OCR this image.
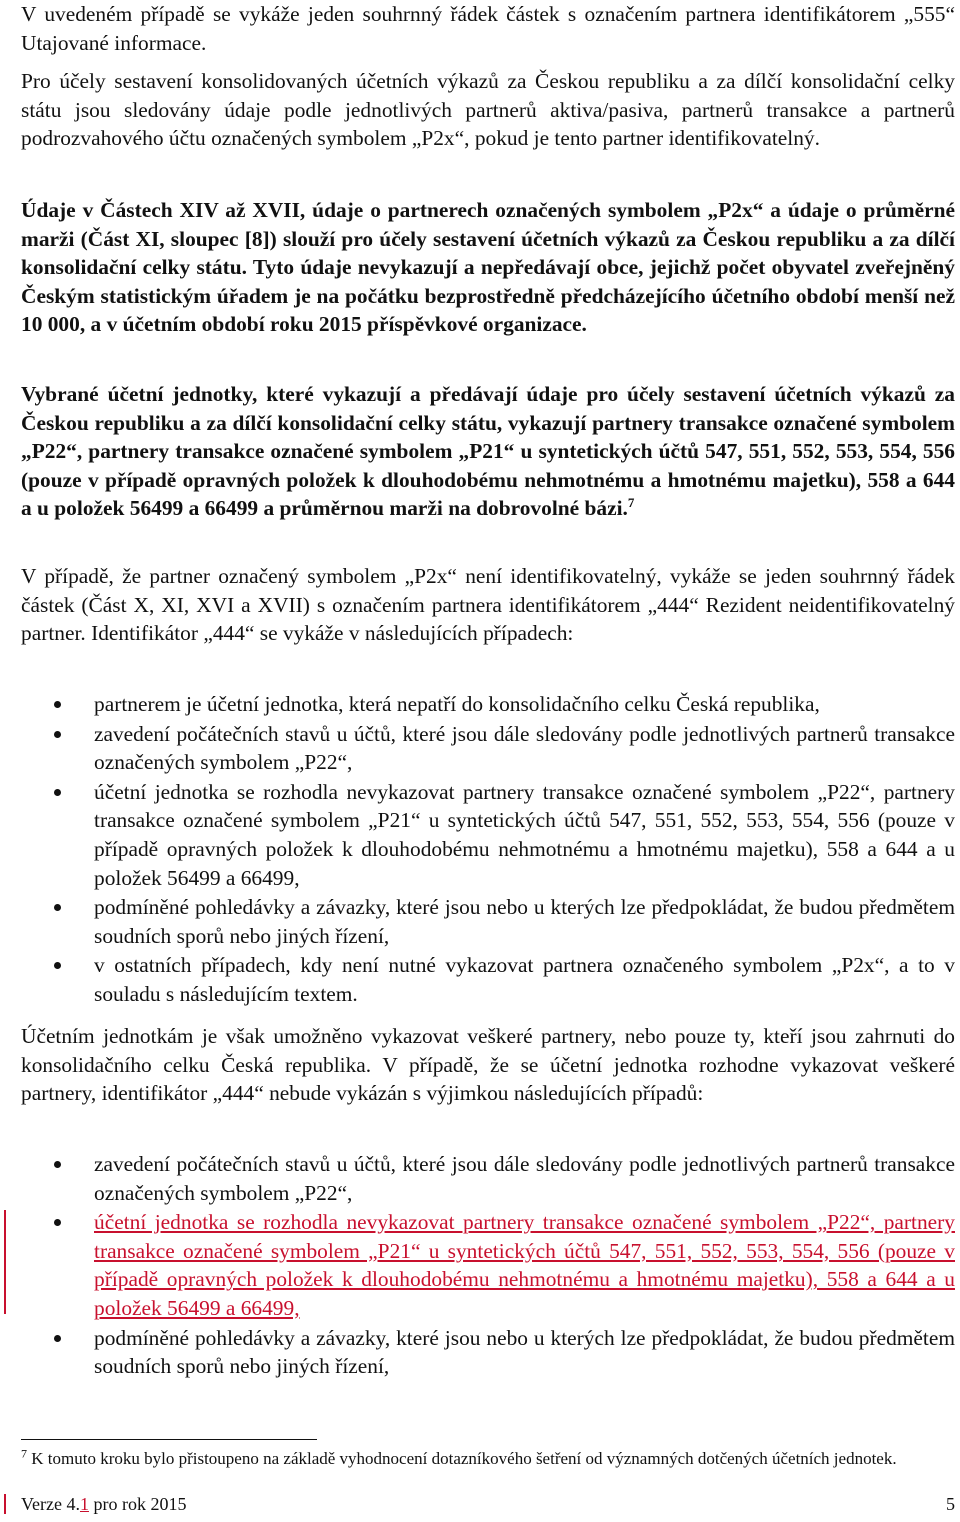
V uvedeném případě se vykáže jeden souhrnný řádek částek s označením partnera identifikátorem „555“ Utajované informace.

Pro účely sestavení konsolidovaných účetních výkazů za Českou republiku a za dílčí konsolidační celky státu jsou sledovány údaje podle jednotlivých partnerů aktiva/pasiva, partnerů transakce a partnerů podrozvahového účtu označených symbolem „P2x“, pokud je tento partner identifikovatelný.

Údaje v Částech XIV až XVII, údaje o partnerech označených symbolem „P2x“ a údaje o průměrné marži (Část XI, sloupec [8]) slouží pro účely sestavení účetních výkazů za Českou republiku a za dílčí konsolidační celky státu. Tyto údaje nevykazují a nepředávají obce, jejichž počet obyvatel zveřejněný Českým statistickým úřadem je na počátku bezprostředně předcházejícího účetního období menší než 10 000, a v účetním období roku 2015 příspěvkové organizace.

Vybrané účetní jednotky, které vykazují a předávají údaje pro účely sestavení účetních výkazů za Českou republiku a za dílčí konsolidační celky státu, vykazují partnery transakce označené symbolem „P22“, partnery transakce označené symbolem „P21“ u syntetických účtů 547, 551, 552, 553, 554, 556 (pouze v případě opravných položek k dlouhodobému nehmotnému a hmotnému majetku), 558 a 644 a u položek 56499 a 66499 a průměrnou marži na dobrovolné bázi.$^7$

V případě, že partner označený symbolem „P2x“ není identifikovatelný, vykáže se jeden souhrnný řádek částek (Část X, XI, XVI a XVII) s označením partnera identifikátorem „444“ Rezident neidentifikovatelný partner. Identifikátor „444“ se vykáže v následujících případech:

partnerem je účetní jednotka, která nepatří do konsolidačního celku Česká republika,

zavedení počátečních stavů u účtů, které jsou dále sledovány podle jednotlivých partnerů transakce označených symbolem „P22“,

účetní jednotka se rozhodla nevykazovat partnery transakce označené symbolem „P22“, partnery transakce označené symbolem „P21“ u syntetických účtů 547, 551, 552, 553, 554, 556 (pouze v případě opravných položek k dlouhodobému nehmotnému a hmotnému majetku), 558 a 644 a u položek 56499 a 66499,

podmíněné pohledávky a závazky, které jsou nebo u kterých lze předpokládat, že budou předmětem soudních sporů nebo jiných řízení,

v ostatních případech, kdy není nutné vykazovat partnera označeného symbolem „P2x“, a to v souladu s následujícím textem.

Účetním jednotkám je však umožněno vykazovat veškeré partnery, nebo pouze ty, kteří jsou zahrnuti do konsolidačního celku Česká republika. V případě, že se účetní jednotka rozhodne vykazovat veškeré partnery, identifikátor „444“ nebude vykázán s výjimkou následujících případů:

zavedení počátečních stavů u účtů, které jsou dále sledovány podle jednotlivých partnerů transakce označených symbolem „P22“,

účetní jednotka se rozhodla nevykazovat partnery transakce označené symbolem „P22“, partnery transakce označené symbolem „P21“ u syntetických účtů 547, 551, 552, 553, 554, 556 (pouze v případě opravných položek k dlouhodobému nehmotnému a hmotnému majetku), 558 a 644 a u položek 56499 a 66499,

podmíněné pohledávky a závazky, které jsou nebo u kterých lze předpokládat, že budou předmětem soudních sporů nebo jiných řízení,

$^7$ K tomuto kroku bylo přistoupeno na základě vyhodnocení dotazníkového šetření od významných dotčených účetních jednotek.
Verze 4.1 pro rok 2015	5
